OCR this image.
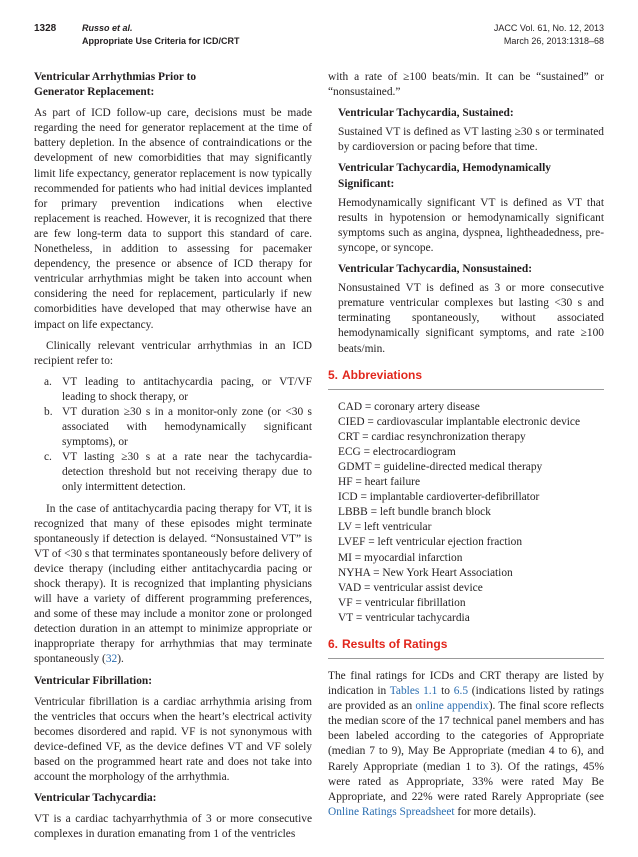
1328	Russo et al.
Appropriate Use Criteria for ICD/CRT
JACC Vol. 61, No. 12, 2013
March 26, 2013:1318–68

Ventricular Arrhythmias Prior to
Generator Replacement:

As part of ICD follow-up care, decisions must be made regarding the need for generator replacement at the time of battery depletion. In the absence of contraindications or the development of new comorbidities that may significantly limit life expectancy, generator replacement is now typically recommended for patients who had initial devices implanted for primary prevention indications when elective replacement is reached. However, it is recognized that there are few long-term data to support this standard of care. Nonetheless, in addition to assessing for pacemaker dependency, the presence or absence of ICD therapy for ventricular arrhythmias might be taken into account when considering the need for replacement, particularly if new comorbidities have developed that may otherwise have an impact on life expectancy.

Clinically relevant ventricular arrhythmias in an ICD recipient refer to:

a. VT leading to antitachycardia pacing, or VT/VF leading to shock therapy, or
b. VT duration ≥30 s in a monitor-only zone (or <30 s associated with hemodynamically significant symptoms), or
c. VT lasting ≥30 s at a rate near the tachycardia-detection threshold but not receiving therapy due to only intermittent detection.

In the case of antitachycardia pacing therapy for VT, it is recognized that many of these episodes might terminate spontaneously if detection is delayed. “Nonsustained VT” is VT of <30 s that terminates spontaneously before delivery of device therapy (including either antitachycardia pacing or shock therapy). It is recognized that implanting physicians will have a variety of different programming preferences, and some of these may include a monitor zone or prolonged detection duration in an attempt to minimize appropriate or inappropriate therapy for arrhythmias that may terminate spontaneously (32).

Ventricular Fibrillation:

Ventricular fibrillation is a cardiac arrhythmia arising from the ventricles that occurs when the heart’s electrical activity becomes disordered and rapid. VF is not synonymous with device-defined VF, as the device defines VT and VF solely based on the programmed heart rate and does not take into account the morphology of the arrhythmia.

Ventricular Tachycardia:

VT is a cardiac tachyarrhythmia of 3 or more consecutive complexes in duration emanating from 1 of the ventricles

with a rate of ≥100 beats/min. It can be “sustained” or “nonsustained.”

Ventricular Tachycardia, Sustained:

Sustained VT is defined as VT lasting ≥30 s or terminated by cardioversion or pacing before that time.

Ventricular Tachycardia, Hemodynamically Significant:

Hemodynamically significant VT is defined as VT that results in hypotension or hemodynamically significant symptoms such as angina, dyspnea, lightheadedness, pre-syncope, or syncope.

Ventricular Tachycardia, Nonsustained:

Nonsustained VT is defined as 3 or more consecutive premature ventricular complexes but lasting <30 s and terminating spontaneously, without associated hemodynamically significant symptoms, and rate ≥100 beats/min.

5. Abbreviations
CAD = coronary artery disease
CIED = cardiovascular implantable electronic device
CRT = cardiac resynchronization therapy
ECG = electrocardiogram
GDMT = guideline-directed medical therapy
HF = heart failure
ICD = implantable cardioverter-defibrillator
LBBB = left bundle branch block
LV = left ventricular
LVEF = left ventricular ejection fraction
MI = myocardial infarction
NYHA = New York Heart Association
VAD = ventricular assist device
VF = ventricular fibrillation
VT = ventricular tachycardia
6. Results of Ratings

The final ratings for ICDs and CRT therapy are listed by indication in Tables 1.1 to 6.5 (indications listed by ratings are provided as an online appendix). The final score reflects the median score of the 17 technical panel members and has been labeled according to the categories of Appropriate (median 7 to 9), May Be Appropriate (median 4 to 6), and Rarely Appropriate (median 1 to 3). Of the ratings, 45% were rated as Appropriate, 33% were rated May Be Appropriate, and 22% were rated Rarely Appropriate (see Online Ratings Spreadsheet for more details).
